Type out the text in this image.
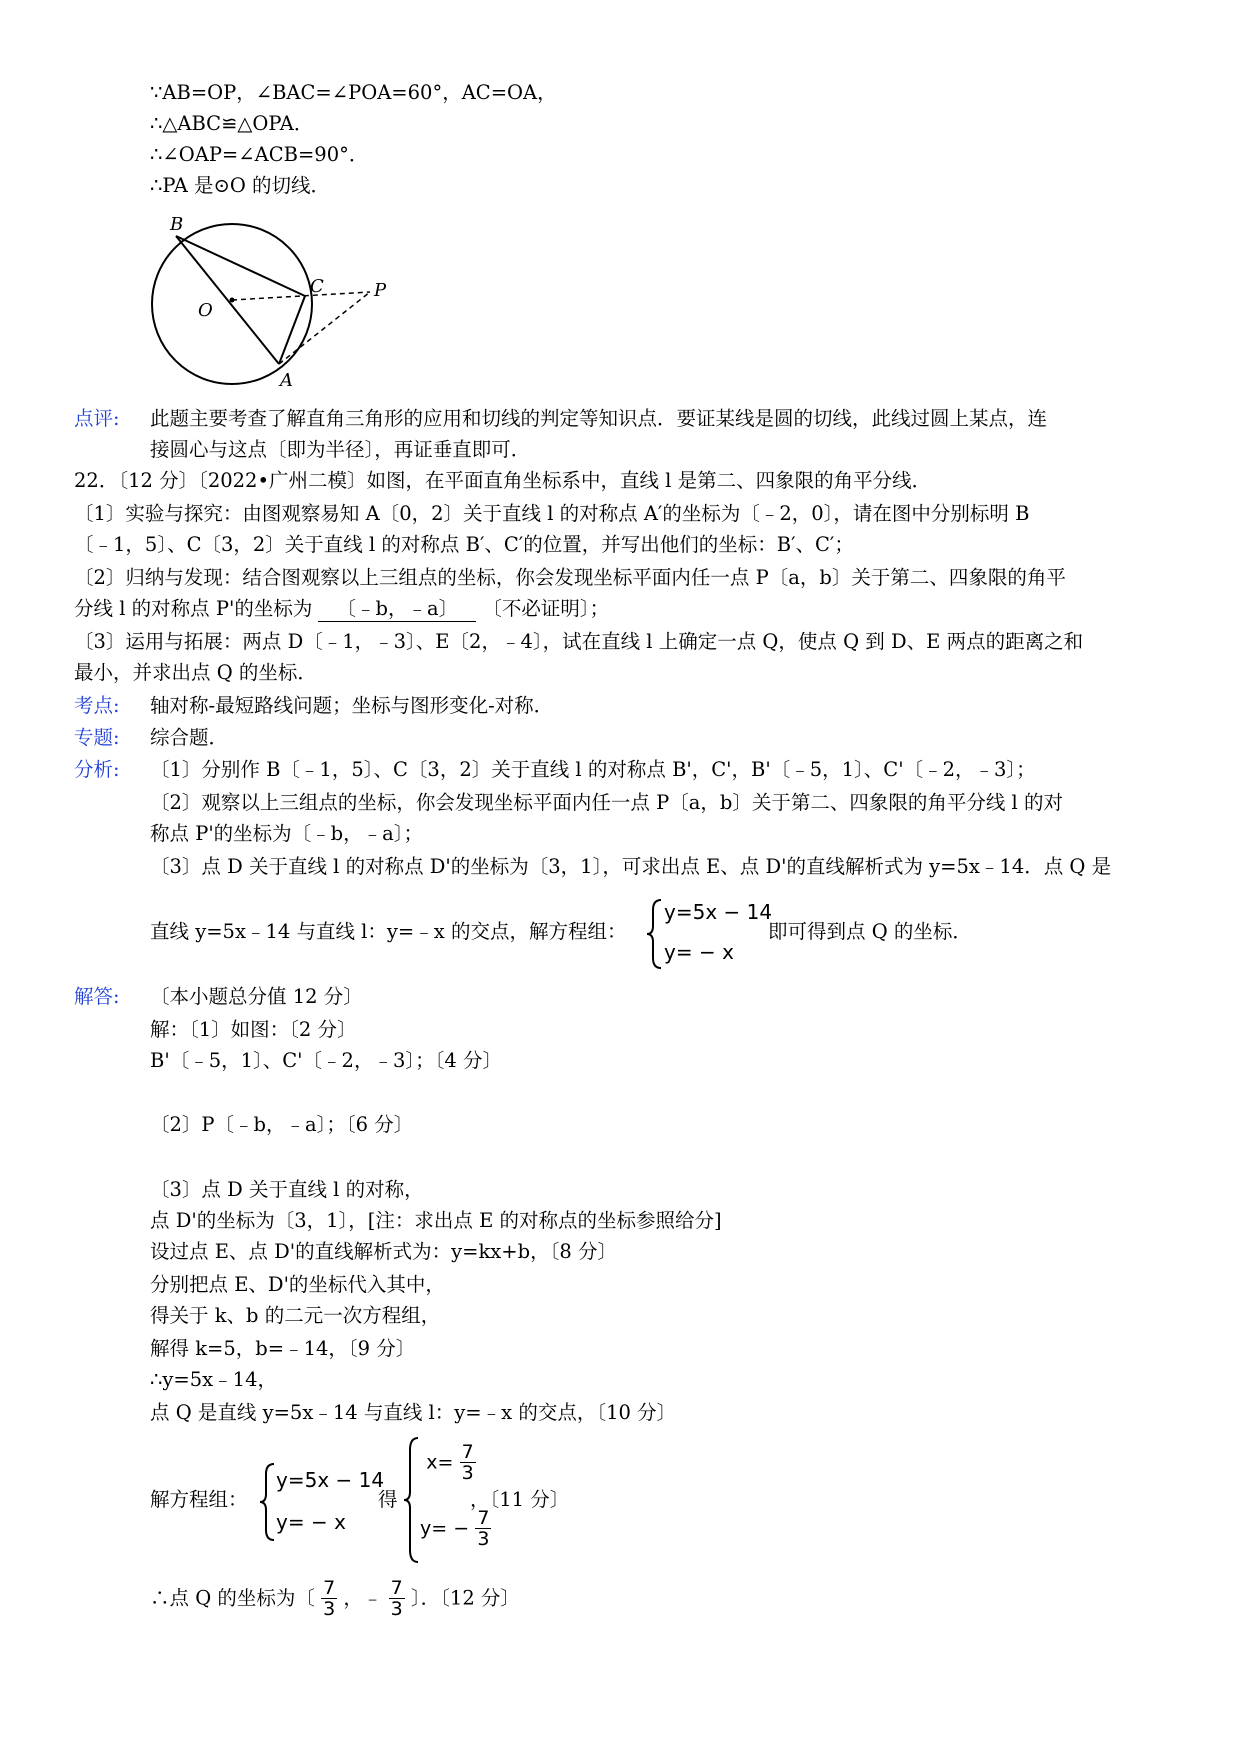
∵AB=OP，∠BAC=∠POA=60°，AC=OA，
∴△ABC≌△OPA．
∴∠OAP=∠ACB=90°．
∴PA 是⊙O 的切线．
B
C
O
P
A
点评: 此题主要考查了解直角三角形的应用和切线的判定等知识点．要证某线是圆的切线，此线过圆上某点，连
接圆心与这点〔即为半径〕，再证垂直即可．
22．〔12 分〕〔2022•广州二模〕如图，在平面直角坐标系中，直线 l 是第二、四象限的角平分线．
〔1〕实验与探究：由图观察易知 A〔0，2〕关于直线 l 的对称点 A′的坐标为〔﹣2，0〕，请在图中分别标明 B
〔﹣1，5〕、C〔3，2〕关于直线 l 的对称点 B′、C′的位置，并写出他们的坐标：B′、C′；
〔2〕归纳与发现：结合图观察以上三组点的坐标，你会发现坐标平面内任一点 P〔a，b〕关于第二、四象限的角平
分线 l 的对称点 P'的坐标为 〔﹣b，﹣a〕 〔不必证明〕；
〔3〕运用与拓展：两点 D〔﹣1，﹣3〕、E〔2，﹣4〕，试在直线 l 上确定一点 Q，使点 Q 到 D、E 两点的距离之和
最小，并求出点 Q 的坐标．
考点: 轴对称-最短路线问题；坐标与图形变化-对称．
专题: 综合题．
分析: 〔1〕分别作 B〔﹣1，5〕、C〔3，2〕关于直线 l 的对称点 B'，C'，B'〔﹣5，1〕、C'〔﹣2，﹣3〕；
〔2〕观察以上三组点的坐标，你会发现坐标平面内任一点 P〔a，b〕关于第二、四象限的角平分线 l 的对
称点 P'的坐标为〔﹣b，﹣a〕；
〔3〕点 D 关于直线 l 的对称点 D'的坐标为〔3，1〕，可求出点 E、点 D'的直线解析式为 y=5x﹣14．点 Q 是
直线 y=5x﹣14 与直线 l：y=﹣x 的交点，解方程组：
y=5x − 14
y= − x
即可得到点 Q 的坐标．
解答: 〔本小题总分值 12 分〕
解：〔1〕如图：〔2 分〕
B'〔﹣5，1〕、C'〔﹣2，﹣3〕；〔4 分〕
〔2〕P〔﹣b，﹣a〕；〔6 分〕
〔3〕点 D 关于直线 l 的对称，
点 D'的坐标为〔3，1〕，[注：求出点 E 的对称点的坐标参照给分]
设过点 E、点 D'的直线解析式为：y=kx+b，〔8 分〕
分别把点 E、D'的坐标代入其中，
得关于 k、b 的二元一次方程组，
解得 k=5，b=﹣14，〔9 分〕
∴y=5x﹣14，
点 Q 是直线 y=5x﹣14 与直线 l：y=﹣x 的交点，〔10 分〕
解方程组：
y=5x − 14
y= − x
得
$x= \frac{7}{3}$
$y= - \frac{7}{3}$
，〔11 分〕
∴点 Q 的坐标为〔 $\frac{7}{3}$ ，﹣ $\frac{7}{3}$ 〕．〔12 分〕
